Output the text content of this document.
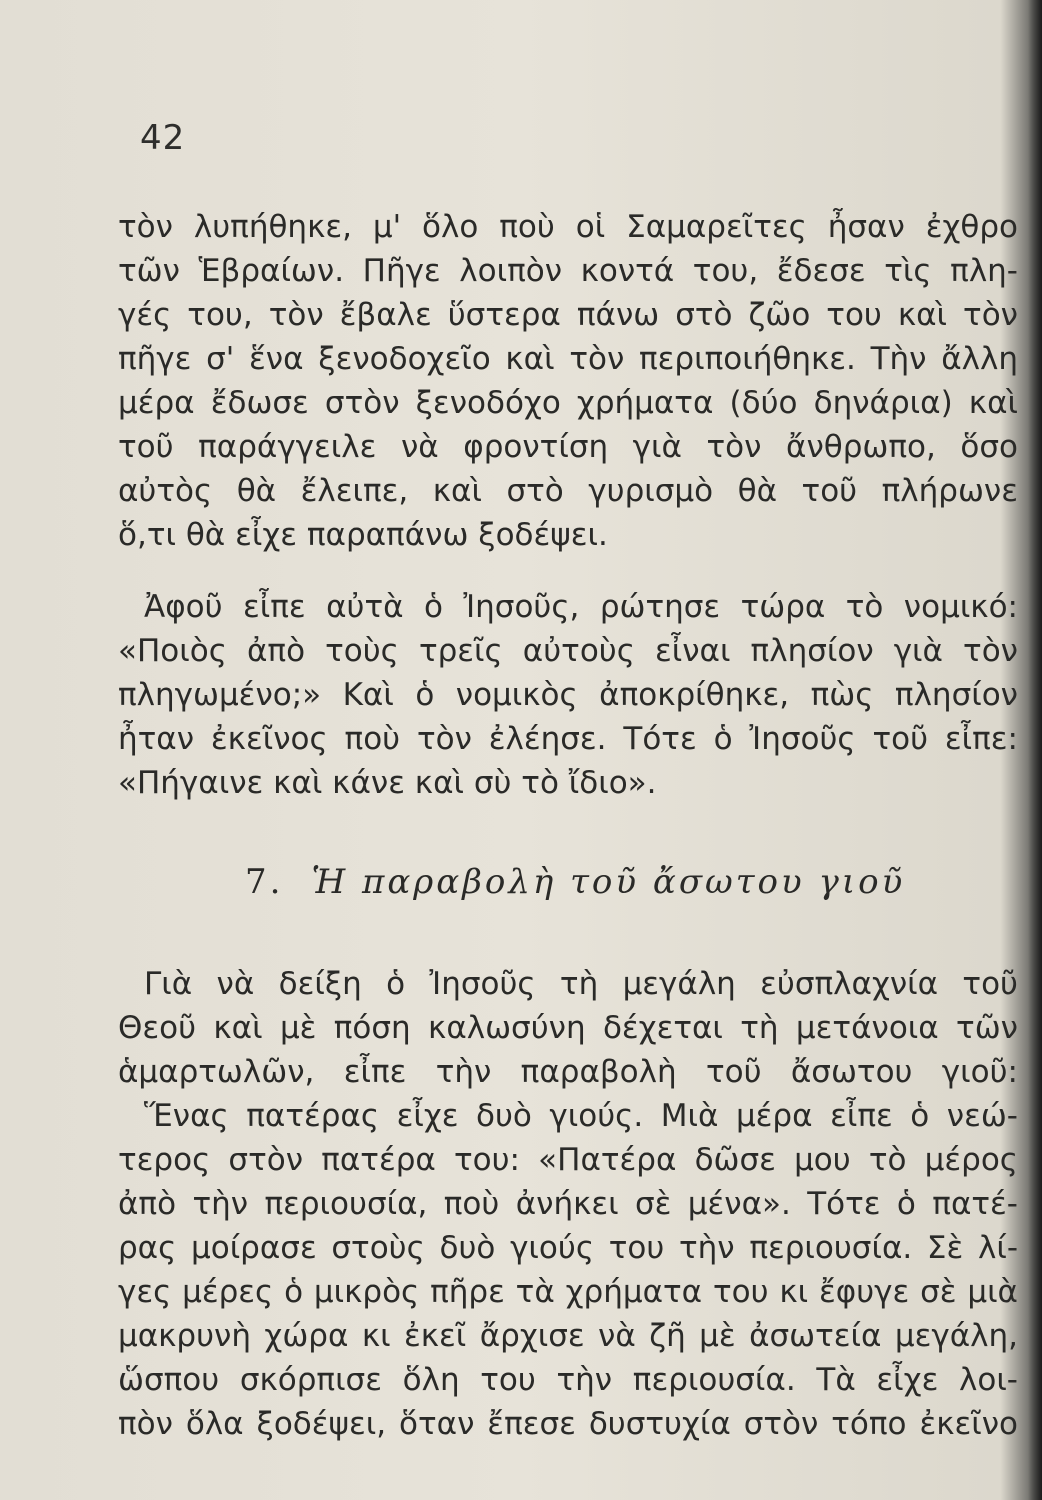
42
τὸν λυπήθηκε, μ' ὅλο ποὺ οἱ Σαμαρεῖτες ἦσαν ἐχθρο
τῶν Ἑβραίων. Πῆγε λοιπὸν κοντά του, ἔδεσε τὶς πλη-
γές του, τὸν ἔβαλε ὕστερα πάνω στὸ ζῶο του καὶ τὸν
πῆγε σ' ἕνα ξενοδοχεῖο καὶ τὸν περιποιήθηκε. Τὴν ἄλλη
μέρα ἔδωσε στὸν ξενοδόχο χρήματα (δύο δηνάρια) καὶ
τοῦ παράγγειλε νὰ φροντίση γιὰ τὸν ἄνθρωπο, ὅσο
αὐτὸς θὰ ἔλειπε, καὶ στὸ γυρισμὸ θὰ τοῦ πλήρωνε
ὅ,τι θὰ εἶχε παραπάνω ξοδέψει.
Ἀφοῦ εἶπε αὐτὰ ὁ Ἰησοῦς, ρώτησε τώρα τὸ νομικό:
«Ποιὸς ἀπὸ τοὺς τρεῖς αὐτοὺς εἶναι πλησίον γιὰ τὸν
πληγωμένο;» Καὶ ὁ νομικὸς ἀποκρίθηκε, πὼς πλησίον
ἦταν ἐκεῖνος ποὺ τὸν ἐλέησε. Τότε ὁ Ἰησοῦς τοῦ εἶπε:
«Πήγαινε καὶ κάνε καὶ σὺ τὸ ἴδιο».
7. Ἡ παραβολὴ τοῦ ἄσωτου γιοῦ
Γιὰ νὰ δείξη ὁ Ἰησοῦς τὴ μεγάλη εὐσπλαχνία τοῦ
Θεοῦ καὶ μὲ πόση καλωσύνη δέχεται τὴ μετάνοια τῶν
ἁμαρτωλῶν, εἶπε τὴν παραβολὴ τοῦ ἄσωτου γιοῦ:
Ἕνας πατέρας εἶχε δυὸ γιούς. Μιὰ μέρα εἶπε ὁ νεώ-
τερος στὸν πατέρα του: «Πατέρα δῶσε μου τὸ μέρος
ἀπὸ τὴν περιουσία, ποὺ ἀνήκει σὲ μένα». Τότε ὁ πατέ-
ρας μοίρασε στοὺς δυὸ γιούς του τὴν περιουσία. Σὲ λί-
γες μέρες ὁ μικρὸς πῆρε τὰ χρήματα του κι ἔφυγε σὲ μιὰ
μακρυνὴ χώρα κι ἐκεῖ ἄρχισε νὰ ζῆ μὲ ἀσωτεία μεγάλη,
ὥσπου σκόρπισε ὅλη του τὴν περιουσία. Τὰ εἶχε λοι-
πὸν ὅλα ξοδέψει, ὅταν ἔπεσε δυστυχία στὸν τόπο ἐκεῖνο
